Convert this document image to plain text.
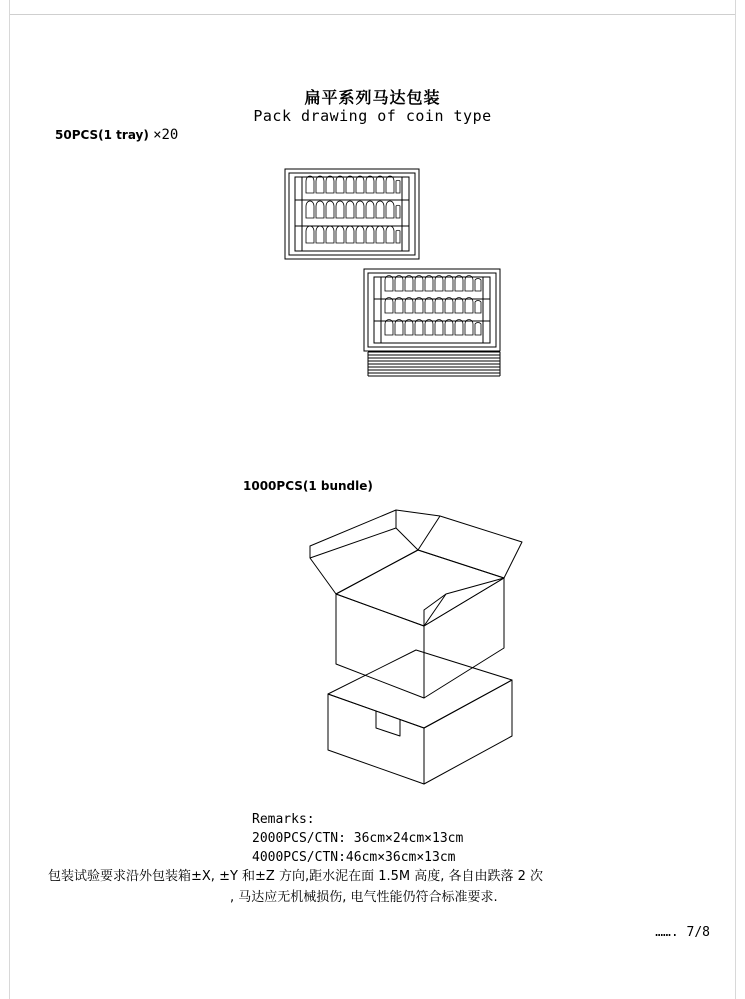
扁平系列马达包装
Pack drawing of coin type
50PCS(1 tray) ×20
1000PCS(1 bundle)
Remarks:
2000PCS/CTN: 36cm×24cm×13cm
4000PCS/CTN:46cm×36cm×13cm
包装试验要求沿外包装箱±X, ±Y 和±Z 方向,距水泥在面 1.5M 高度, 各自由跌落 2 次
, 马达应无机械损伤, 电气性能仍符合标准要求.
……. 7/8
